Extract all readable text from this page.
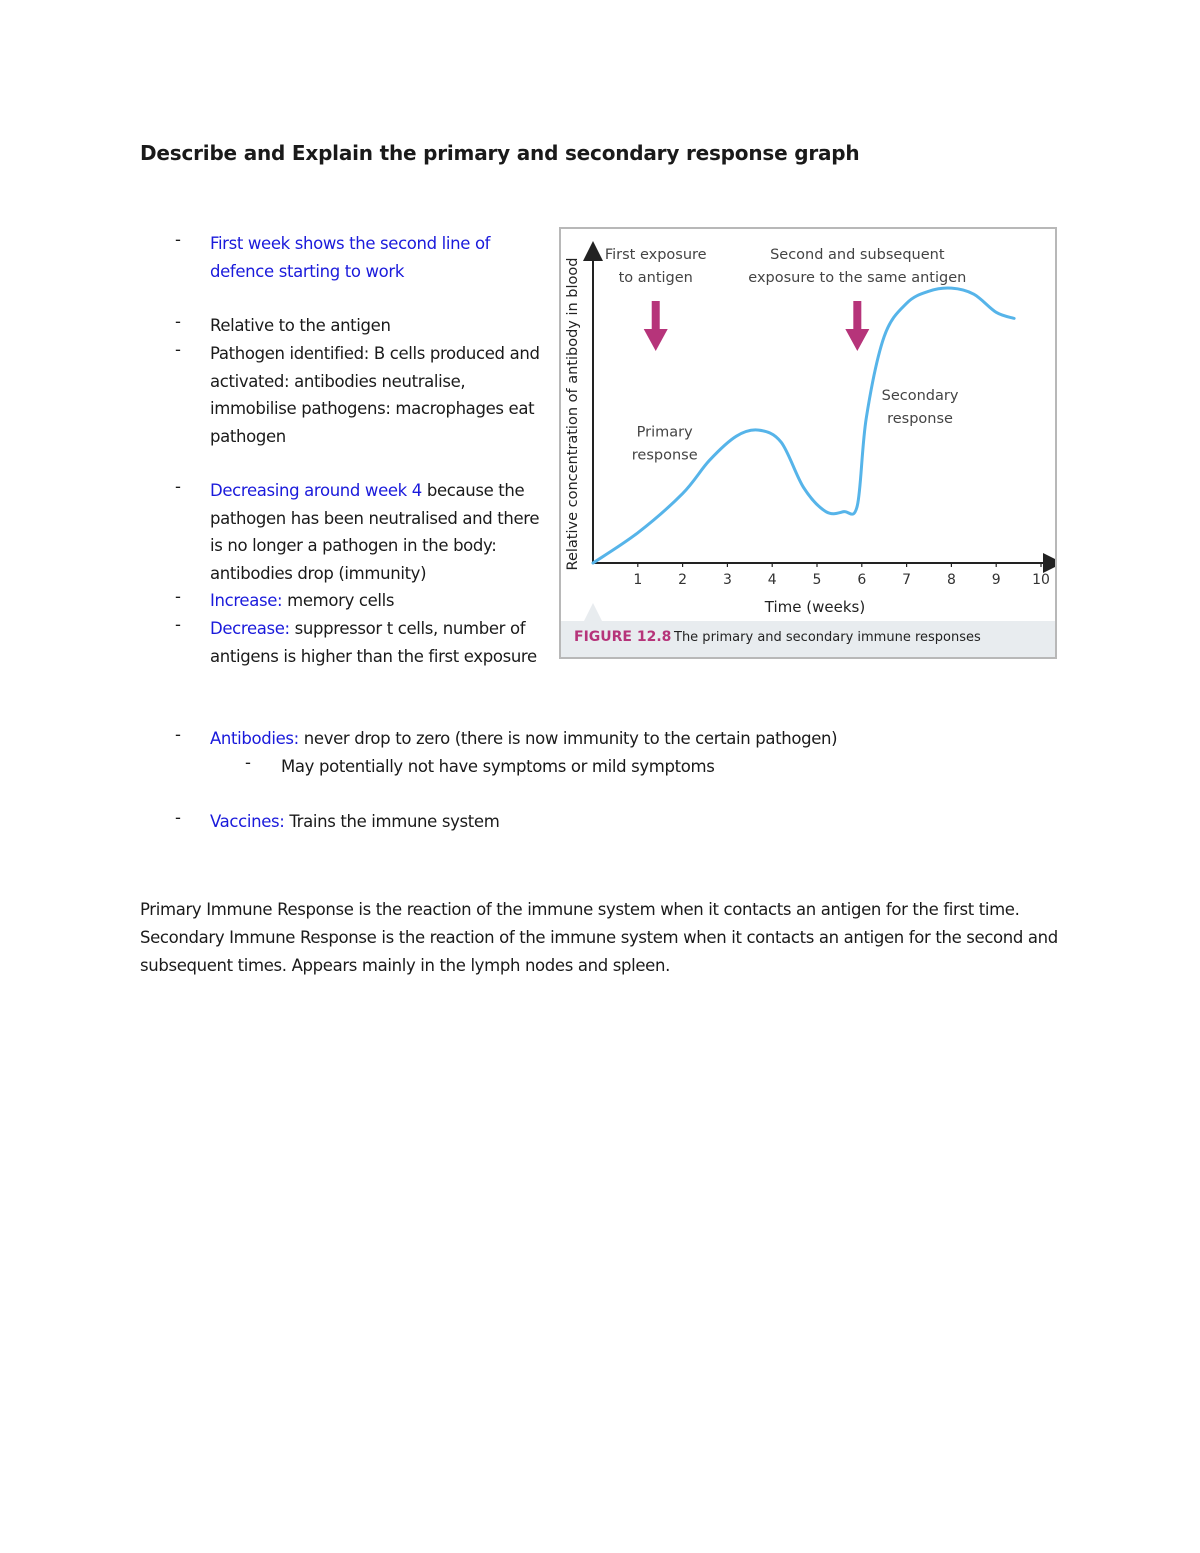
Describe and Explain the primary and secondary response graph
- First week shows the second line of defence starting to work
- Relative to the antigen
- Pathogen identified: B cells produced and activated: antibodies neutralise, immobilise pathogens: macrophages eat pathogen
- Decreasing around week 4 because the pathogen has been neutralised and there is no longer a pathogen in the body: antibodies drop (immunity)
- Increase: memory cells
- Decrease: suppressor t cells, number of antigens is higher than the first exposure
- Antibodies: never drop to zero (there is now immunity to the certain pathogen)
- May potentially not have symptoms or mild symptoms
- Vaccines: Trains the immune system

Primary Immune Response is the reaction of the immune system when it contacts an antigen for the first time.

Secondary Immune Response is the reaction of the immune system when it contacts an antigen for the second and subsequent times. Appears mainly in the lymph nodes and spleen.

Relative concentration of antibody in blood
Time (weeks)
1	2	3	4	5	6	7	8	9 10
First exposure
to antigen
Second and subsequent
exposure to the same antigen
Primary
response
Secondary
response
FIGURE 12.8 The primary and secondary immune responses
